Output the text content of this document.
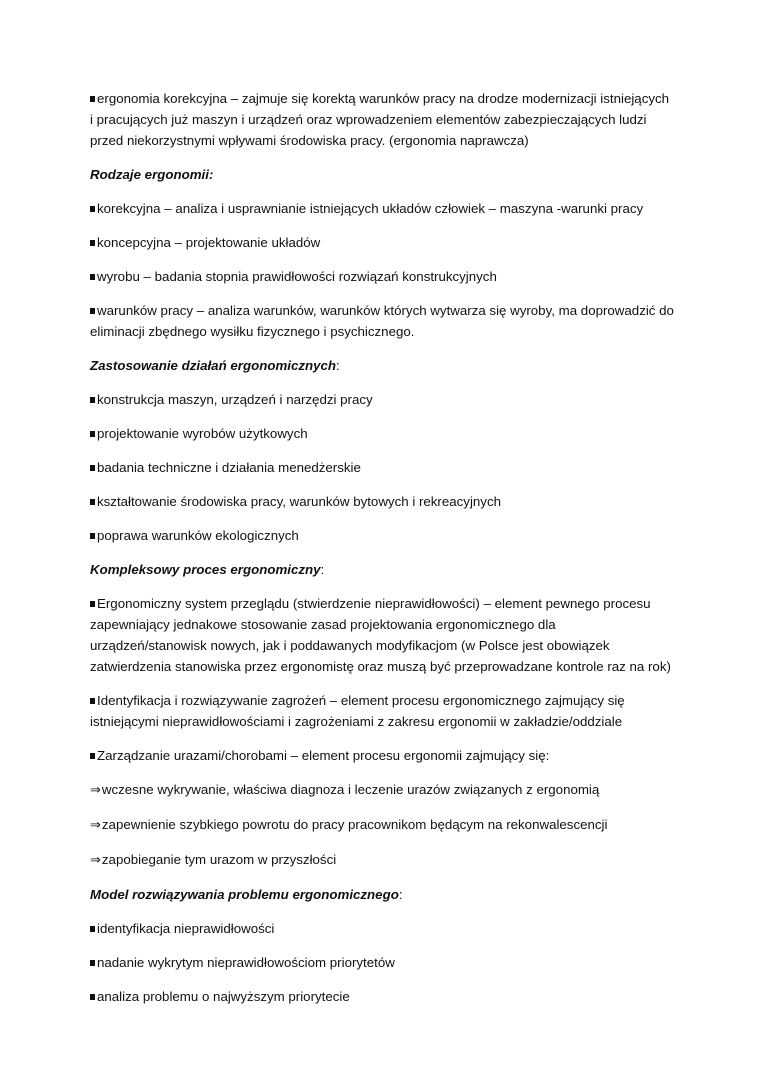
ergonomia korekcyjna – zajmuje się korektą warunków pracy na drodze modernizacji istniejących i pracujących już maszyn i urządzeń oraz wprowadzeniem elementów zabezpieczających ludzi przed niekorzystnymi wpływami środowiska pracy. (ergonomia naprawcza)

Rodzaje ergonomii:

korekcyjna – analiza i usprawnianie istniejących układów człowiek – maszyna -warunki pracy

koncepcyjna – projektowanie układów

wyrobu – badania stopnia prawidłowości rozwiązań konstrukcyjnych

warunków pracy – analiza warunków, warunków których wytwarza się wyroby, ma doprowadzić do eliminacji zbędnego wysiłku fizycznego i psychicznego.

Zastosowanie działań ergonomicznych:

konstrukcja maszyn, urządzeń i narzędzi pracy

projektowanie wyrobów użytkowych

badania techniczne i działania menedżerskie

kształtowanie środowiska pracy, warunków bytowych i rekreacyjnych

poprawa warunków ekologicznych

Kompleksowy proces ergonomiczny:

Ergonomiczny system przeglądu (stwierdzenie nieprawidłowości) – element pewnego procesu zapewniający jednakowe stosowanie zasad projektowania ergonomicznego dla urządzeń/stanowisk nowych, jak i poddawanych modyfikacjom (w Polsce jest obowiązek zatwierdzenia stanowiska przez ergonomistę oraz muszą być przeprowadzane kontrole raz na rok)

Identyfikacja i rozwiązywanie zagrożeń – element procesu ergonomicznego zajmujący się istniejącymi nieprawidłowościami i zagrożeniami z zakresu ergonomii w zakładzie/oddziale

Zarządzanie urazami/chorobami – element procesu ergonomii zajmujący się:

⇒wczesne wykrywanie, właściwa diagnoza i leczenie urazów związanych z ergonomią

⇒zapewnienie szybkiego powrotu do pracy pracownikom będącym na rekonwalescencji

⇒zapobieganie tym urazom w przyszłości

Model rozwiązywania problemu ergonomicznego:

identyfikacja nieprawidłowości

nadanie wykrytym nieprawidłowościom priorytetów

analiza problemu o najwyższym priorytecie
